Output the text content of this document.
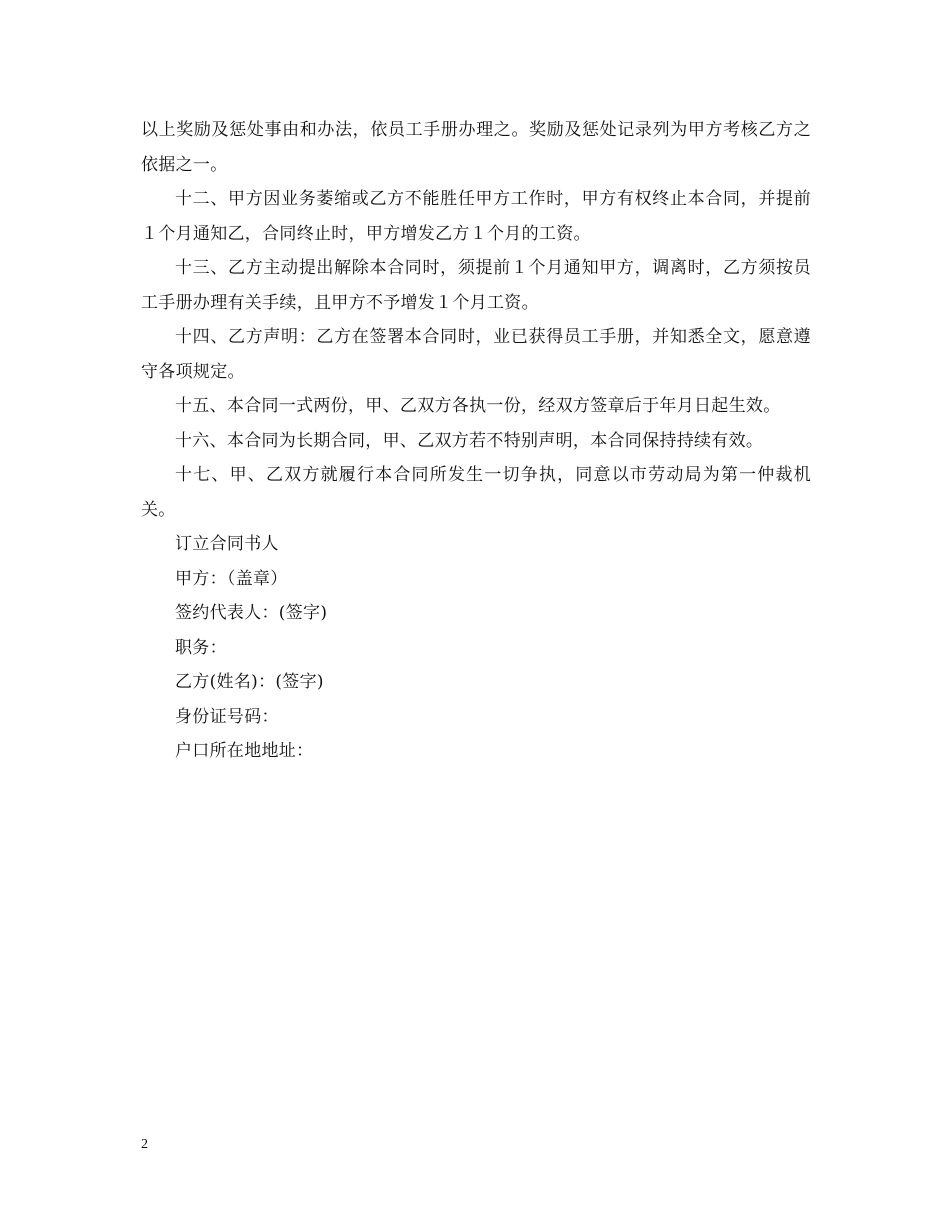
以上奖励及惩处事由和办法，依员工手册办理之。奖励及惩处记录列为甲方考核乙方之依据之一。

十二、甲方因业务萎缩或乙方不能胜任甲方工作时，甲方有权终止本合同，并提前１个月通知乙，合同终止时，甲方增发乙方１个月的工资。

十三、乙方主动提出解除本合同时，须提前１个月通知甲方，调离时，乙方须按员工手册办理有关手续，且甲方不予增发１个月工资。

十四、乙方声明：乙方在签署本合同时，业已获得员工手册，并知悉全文，愿意遵守各项规定。

十五、本合同一式两份，甲、乙双方各执一份，经双方签章后于年月日起生效。

十六、本合同为长期合同，甲、乙双方若不特别声明，本合同保持持续有效。

十七、甲、乙双方就履行本合同所发生一切争执，同意以市劳动局为第一仲裁机关。

订立合同书人

甲方：（盖章）

签约代表人：(签字)

职务：

乙方(姓名)：(签字)

身份证号码：

户口所在地地址：

2
